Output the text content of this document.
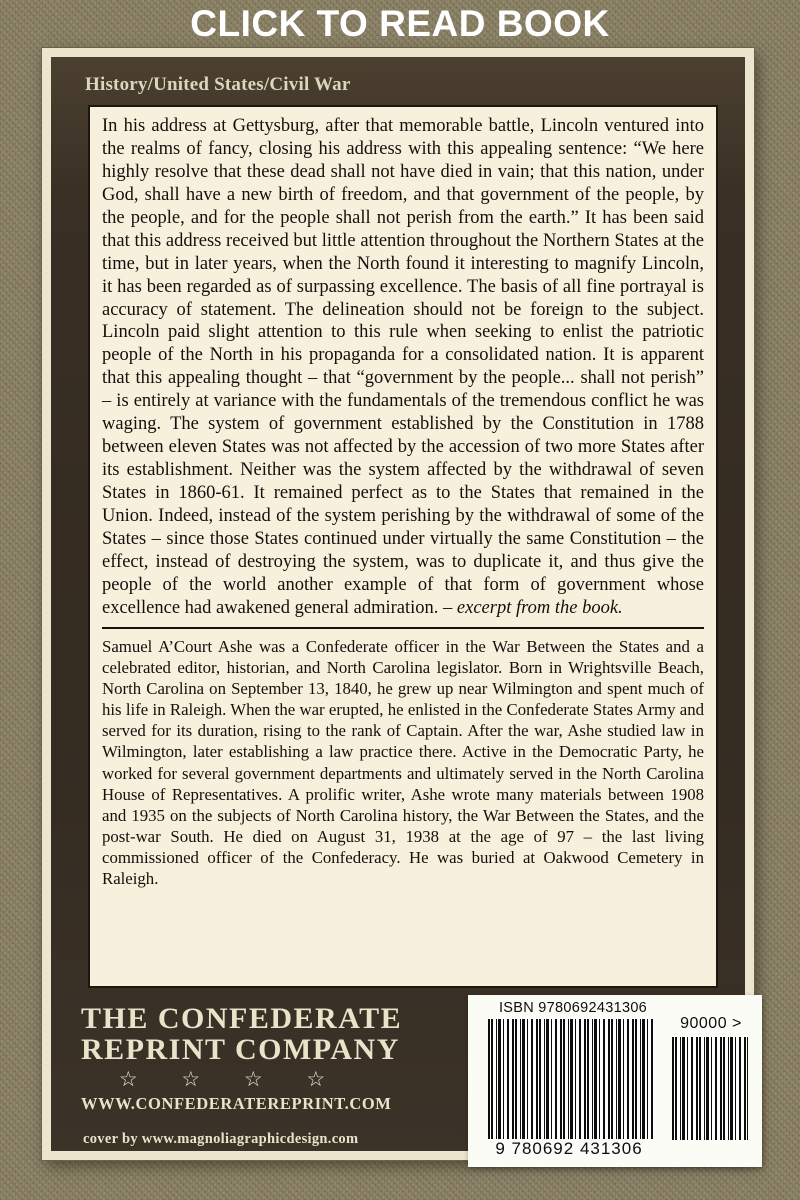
CLICK TO READ BOOK
History/United States/Civil War

In his address at Gettysburg, after that memorable battle, Lincoln ventured into the realms of fancy, closing his address with this appealing sentence: “We here highly resolve that these dead shall not have died in vain; that this nation, under God, shall have a new birth of freedom, and that government of the people, by the people, and for the people shall not perish from the earth.” It has been said that this address received but little attention throughout the Northern States at the time, but in later years, when the North found it interesting to magnify Lincoln, it has been regarded as of surpassing excellence. The basis of all fine portrayal is accuracy of statement. The delineation should not be foreign to the subject. Lincoln paid slight attention to this rule when seeking to enlist the patriotic people of the North in his propaganda for a consolidated nation. It is apparent that this appealing thought – that “government by the people... shall not perish” – is entirely at variance with the fundamentals of the tremendous conflict he was waging. The system of government established by the Constitution in 1788 between eleven States was not affected by the accession of two more States after its establishment. Neither was the system affected by the withdrawal of seven States in 1860-61. It remained perfect as to the States that remained in the Union. Indeed, instead of the system perishing by the withdrawal of some of the States – since those States continued under virtually the same Constitution – the effect, instead of destroying the system, was to duplicate it, and thus give the people of the world another example of that form of government whose excellence had awakened general admiration. – excerpt from the book.

Samuel A’Court Ashe was a Confederate officer in the War Between the States and a celebrated editor, historian, and North Carolina legislator. Born in Wrightsville Beach, North Carolina on September 13, 1840, he grew up near Wilmington and spent much of his life in Raleigh. When the war erupted, he enlisted in the Confederate States Army and served for its duration, rising to the rank of Captain. After the war, Ashe studied law in Wilmington, later establishing a law practice there. Active in the Democratic Party, he worked for several government departments and ultimately served in the North Carolina House of Representatives. A prolific writer, Ashe wrote many materials between 1908 and 1935 on the subjects of North Carolina history, the War Between the States, and the post-war South. He died on August 31, 1938 at the age of 97 – the last living commissioned officer of the Confederacy. He was buried at Oakwood Cemetery in Raleigh.

THE CONFEDERATE
REPRINT COMPANY
☆ ☆ ☆ ☆
WWW.CONFEDERATEREPRINT.COM
cover by www.magnoliagraphicdesign.com
ISBN 9780692431306
9 780692 431306
90000 >
